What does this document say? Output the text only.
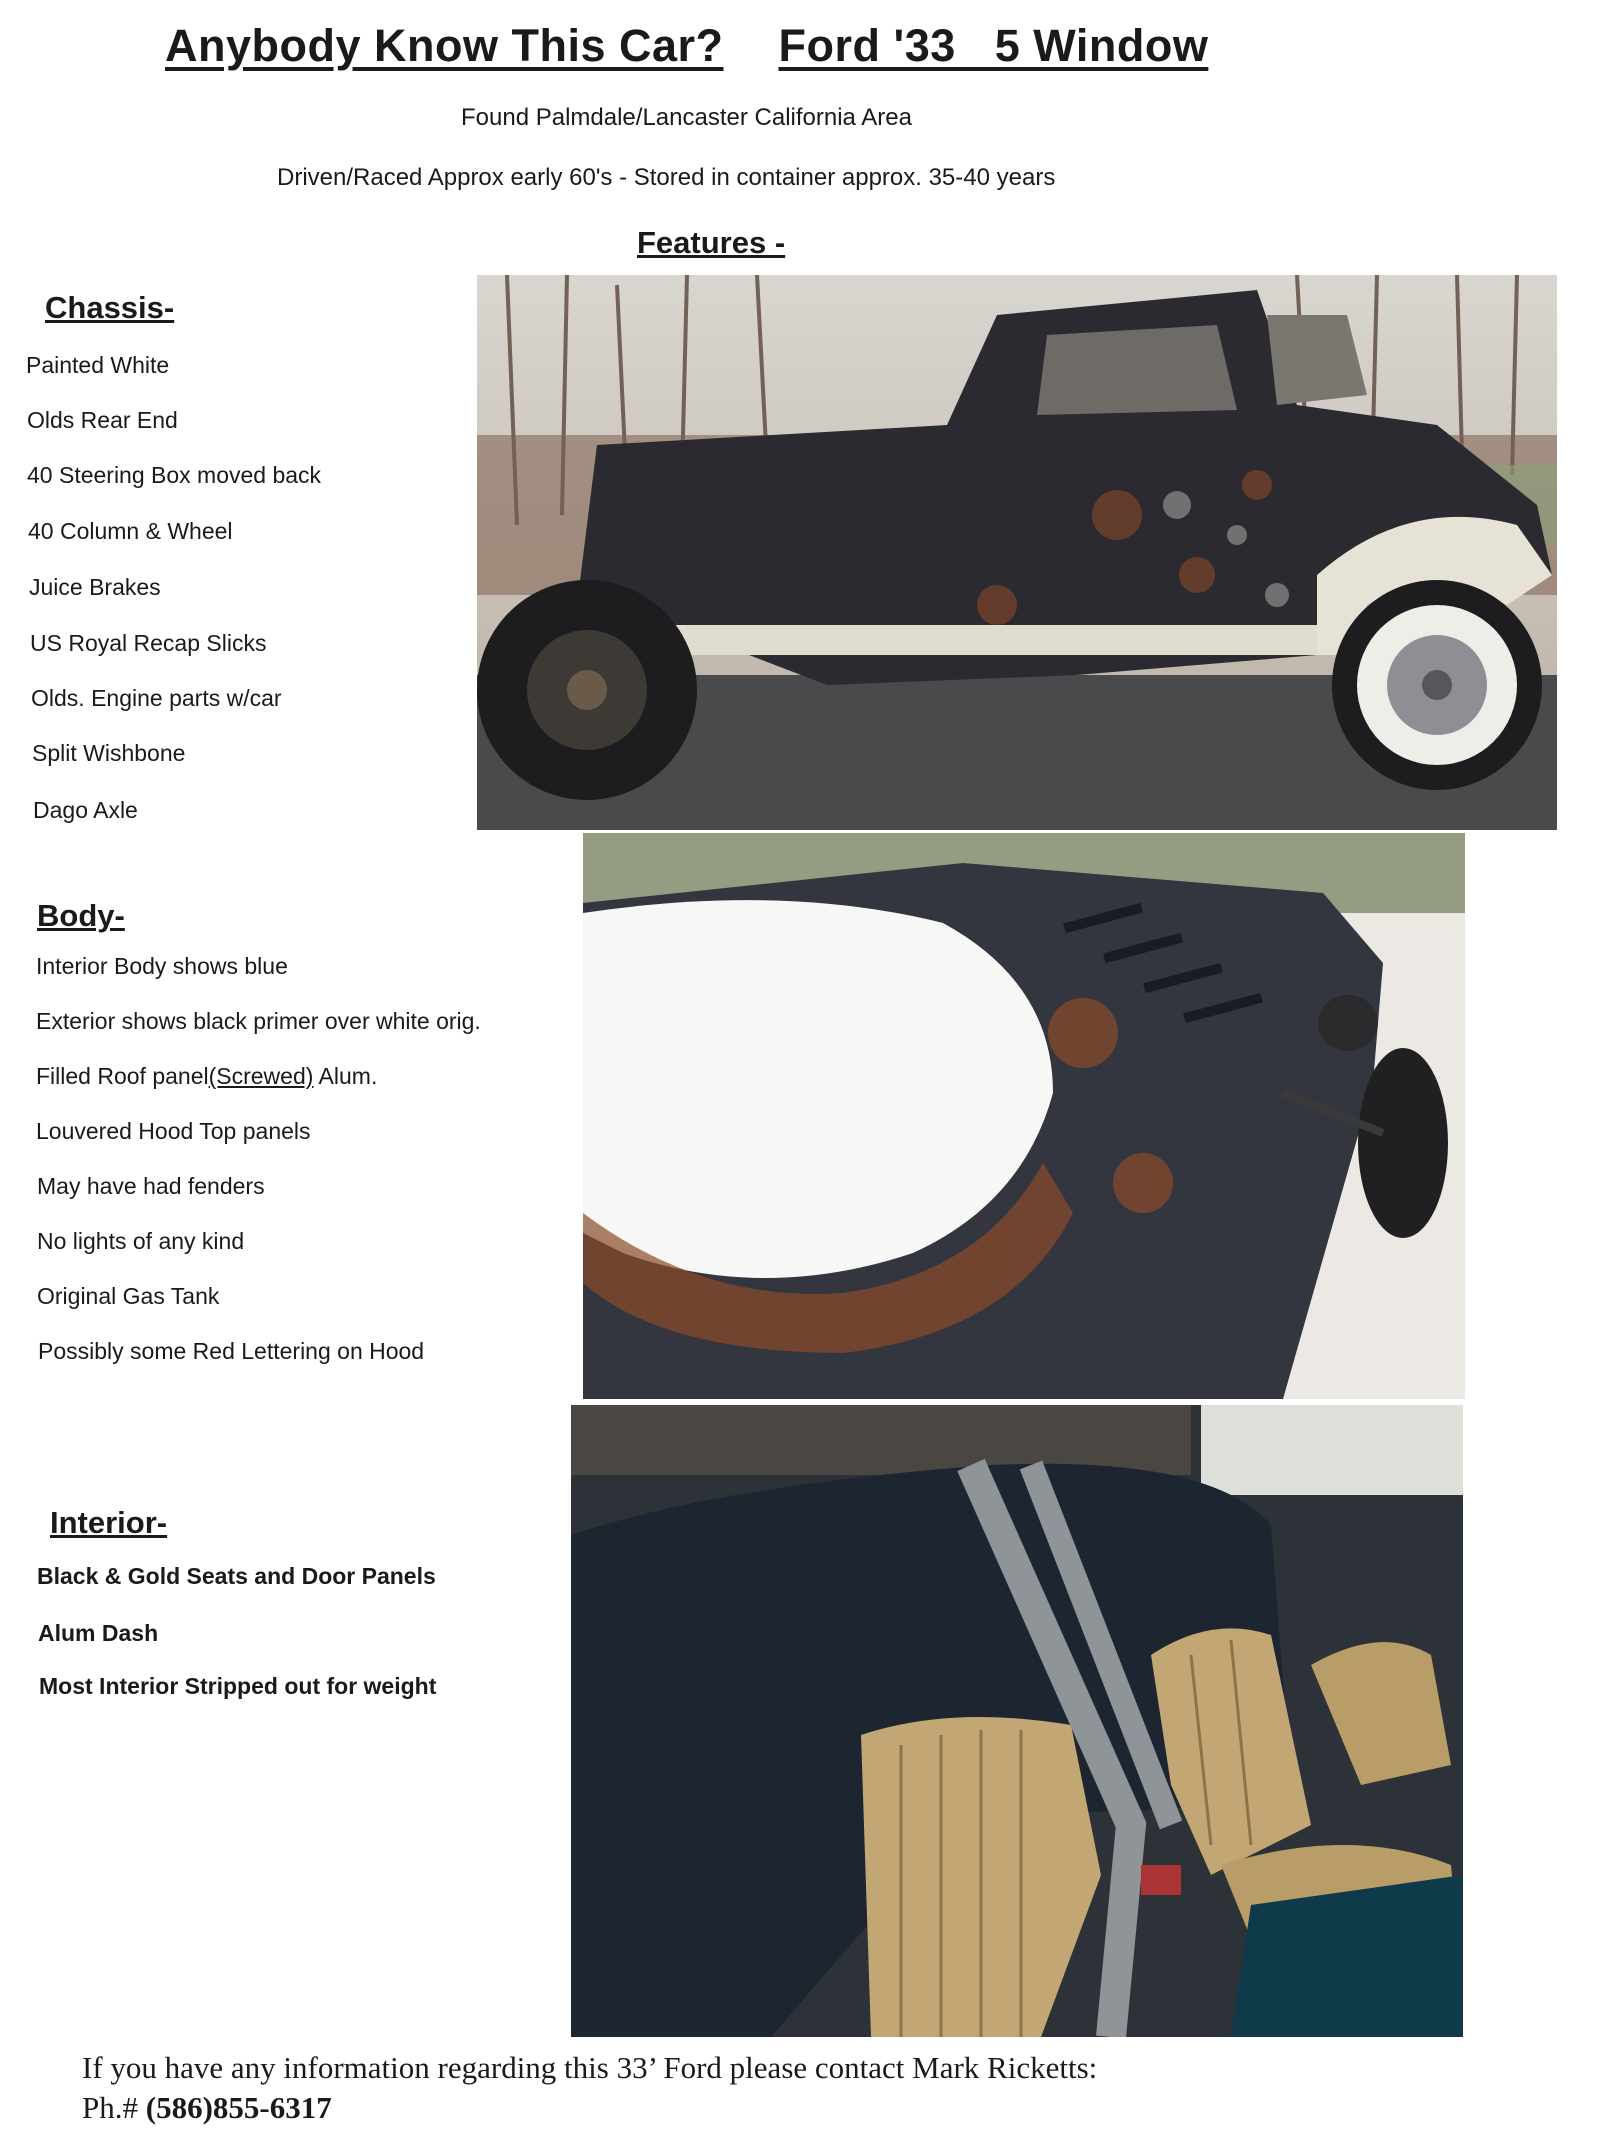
Anybody Know This Car? Ford '33   5 Window
Found Palmdale/Lancaster California Area
Driven/Raced Approx early 60's - Stored in container approx. 35-40 years
Features -
Chassis-
Painted White
Olds Rear End
40 Steering Box moved back
40 Column & Wheel
Juice Brakes
US Royal Recap Slicks
Olds. Engine parts w/car
Split Wishbone
Dago Axle
Body-
Interior Body shows blue
Exterior shows black primer over white orig.
Filled Roof panel(Screwed) Alum.
Louvered Hood Top panels
May have had fenders
No lights of any kind
Original Gas Tank
Possibly some Red Lettering on Hood
Interior-
Black & Gold Seats and Door Panels
Alum Dash
Most Interior Stripped out for weight
If you have any information regarding this 33’ Ford please contact Mark Ricketts:
Ph.# (586)855-6317
